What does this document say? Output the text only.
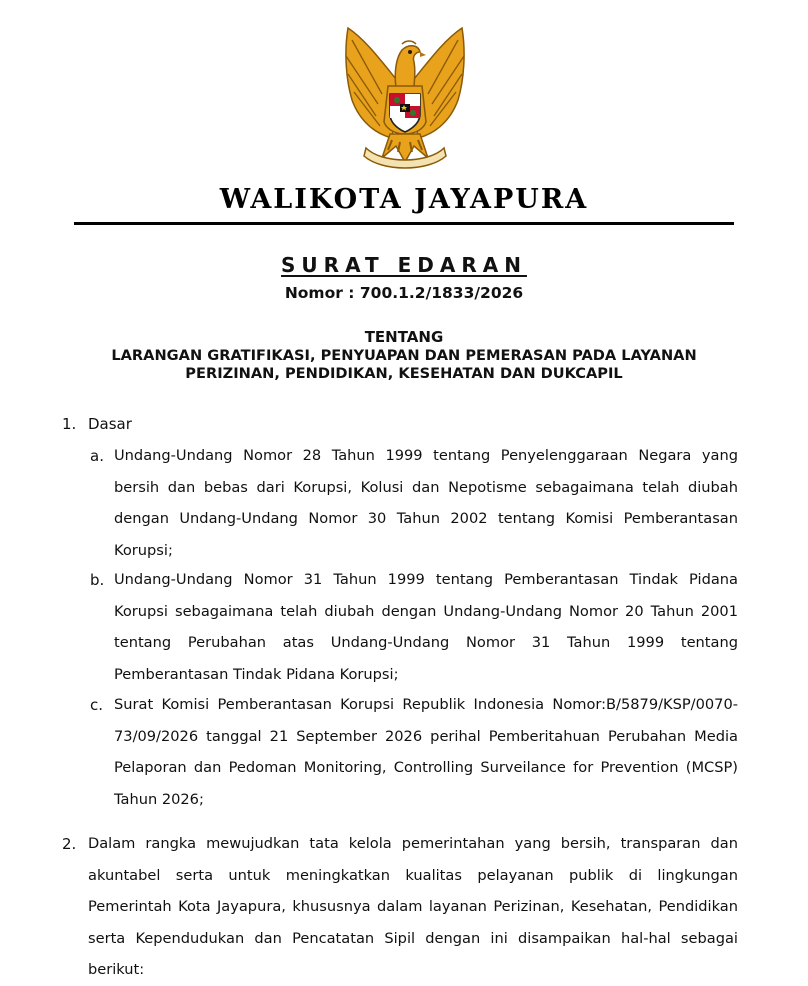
WALIKOTA JAYAPURA
SURAT EDARAN
Nomor : 700.1.2/1833/2026
TENTANG
LARANGAN GRATIFIKASI, PENYUAPAN DAN PEMERASAN PADA LAYANAN
PERIZINAN, PENDIDIKAN, KESEHATAN DAN DUKCAPIL
1. Dasar
a. Undang-Undang Nomor 28 Tahun 1999 tentang Penyelenggaraan Negara yang bersih dan bebas dari Korupsi, Kolusi dan Nepotisme sebagaimana telah diubah dengan Undang-Undang Nomor 30 Tahun 2002 tentang Komisi Pemberantasan Korupsi;
b. Undang-Undang Nomor 31 Tahun 1999 tentang Pemberantasan Tindak Pidana Korupsi sebagaimana telah diubah dengan Undang-Undang Nomor 20 Tahun 2001 tentang Perubahan atas Undang-Undang Nomor 31 Tahun 1999 tentang Pemberantasan Tindak Pidana Korupsi;
c. Surat Komisi Pemberantasan Korupsi Republik Indonesia Nomor:B/5879/KSP/0070-73/09/2026 tanggal 21 September 2026 perihal Pemberitahuan Perubahan Media Pelaporan dan Pedoman Monitoring, Controlling Surveilance for Prevention (MCSP) Tahun 2026;
2. Dalam rangka mewujudkan tata kelola pemerintahan yang bersih, transparan dan akuntabel serta untuk meningkatkan kualitas pelayanan publik di lingkungan Pemerintah Kota Jayapura, khususnya dalam layanan Perizinan, Kesehatan, Pendidikan serta Kependudukan dan Pencatatan Sipil dengan ini disampaikan hal-hal sebagai berikut:
